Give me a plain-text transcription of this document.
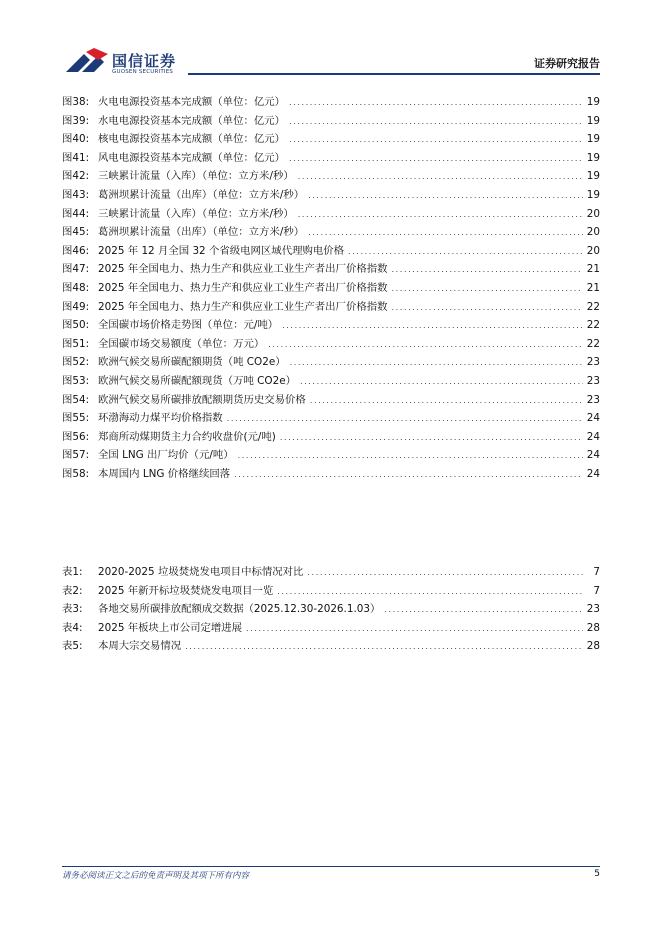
国信证券
GUOSEN SECURITIES
证券研究报告
图38: 火电电源投资基本完成额（单位：亿元） .....	19
图39: 水电电源投资基本完成额（单位：亿元） .....	19
图40: 核电电源投资基本完成额（单位：亿元） .....	19
图41: 风电电源投资基本完成额（单位：亿元） .....	19
图42: 三峡累计流量（入库）（单位：立方米/秒） .....	19
图43: 葛洲坝累计流量（出库）（单位：立方米/秒） .....	19
图44: 三峡累计流量（入库）（单位：立方米/秒） .....	20
图45: 葛洲坝累计流量（出库）（单位：立方米/秒） .....	20
图46: 2025 年 12 月全国 32 个省级电网区域代理购电价格 .....	20
图47: 2025 年全国电力、热力生产和供应业工业生产者出厂价格指数 .....	21
图48: 2025 年全国电力、热力生产和供应业工业生产者出厂价格指数 .....	21
图49: 2025 年全国电力、热力生产和供应业工业生产者出厂价格指数 .....	22
图50: 全国碳市场价格走势图（单位：元/吨） .....	22
图51: 全国碳市场交易额度（单位：万元） .....	22
图52: 欧洲气候交易所碳配额期货（吨 CO2e） .....	23
图53: 欧洲气候交易所碳配额现货（万吨 CO2e） .....	23
图54: 欧洲气候交易所碳排放配额期货历史交易价格 .....	23
图55: 环渤海动力煤平均价格指数 .....	24
图56: 郑商所动煤期货主力合约收盘价(元/吨) .....	24
图57: 全国 LNG 出厂均价（元/吨） .....	24
图58: 本周国内 LNG 价格继续回落 .....	24
表1:	2020-2025 垃圾焚烧发电项目中标情况对比 .....	7
表2:	2025 年新开标垃圾焚烧发电项目一览 .....	7
表3:	各地交易所碳排放配额成交数据（2025.12.30-2026.1.03） .....	23
表4:	2025 年板块上市公司定增进展 .....	28
表5:	本周大宗交易情况 .....	28
请务必阅读正文之后的免责声明及其项下所有内容	5
